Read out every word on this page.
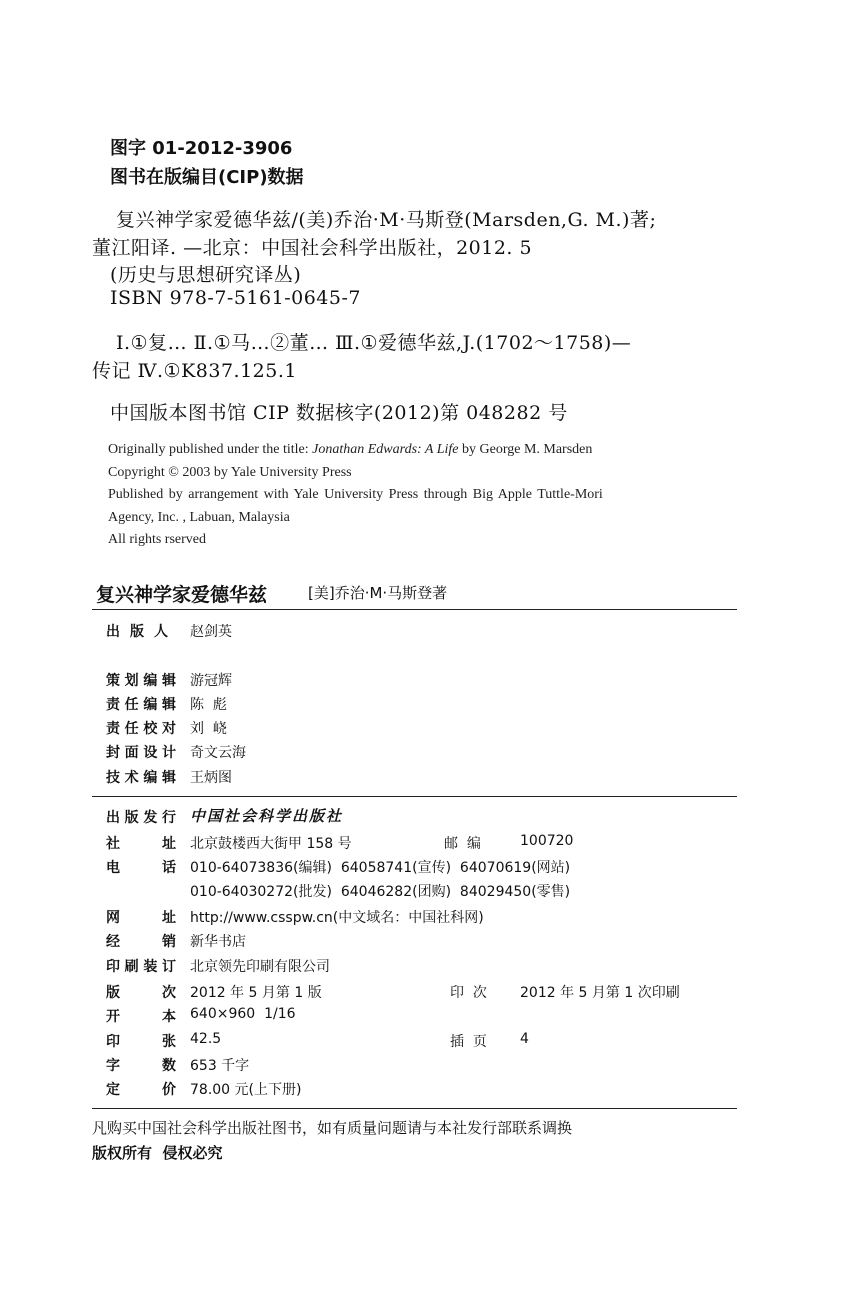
图字 01-2012-3906
图书在版编目(CIP)数据
复兴神学家爱德华兹/(美)乔治·M·马斯登(Marsden,G. M.)著;
董江阳译. —北京：中国社会科学出版社，2012. 5
(历史与思想研究译丛)
ISBN 978-7-5161-0645-7
Ⅰ.①复… Ⅱ.①马…②董… Ⅲ.①爱德华兹,J.(1702～1758)—
传记 Ⅳ.①K837.125.1
中国版本图书馆 CIP 数据核字(2012)第 048282 号
Originally published under the title: Jonathan Edwards: A Life by George M. Marsden
Copyright © 2003 by Yale University Press
Published by arrangement with Yale University Press through Big Apple Tuttle-Mori
Agency, Inc. , Labuan, Malaysia
All rights rserved
复兴神学家爱德华兹	[美]乔治·M·马斯登著
出 版 人 赵剑英
策 划 编 辑 游冠辉
责 任 编 辑 陈  彪
责 任 校 对 刘  峣
封 面 设 计 奇文云海
技 术 编 辑 王炳图
出 版 发 行 中国社会科学出版社
社	址 北京鼓楼西大街甲 158 号	邮  编	100720
电	话 010-64073836(编辑)  64058741(宣传)  64070619(网站)
010-64030272(批发)  64046282(团购)  84029450(零售)
网	址 http://www.csspw.cn(中文域名：中国社科网)
经	销 新华书店
印 刷 装 订 北京领先印刷有限公司
版	次 2012 年 5 月第 1 版	印  次 2012 年 5 月第 1 次印刷
开	本 640×960  1/16
印	张 42.5	插  页 4
字	数 653 千字
定	价 78.00 元(上下册)
凡购买中国社会科学出版社图书，如有质量问题请与本社发行部联系调换
版权所有  侵权必究
